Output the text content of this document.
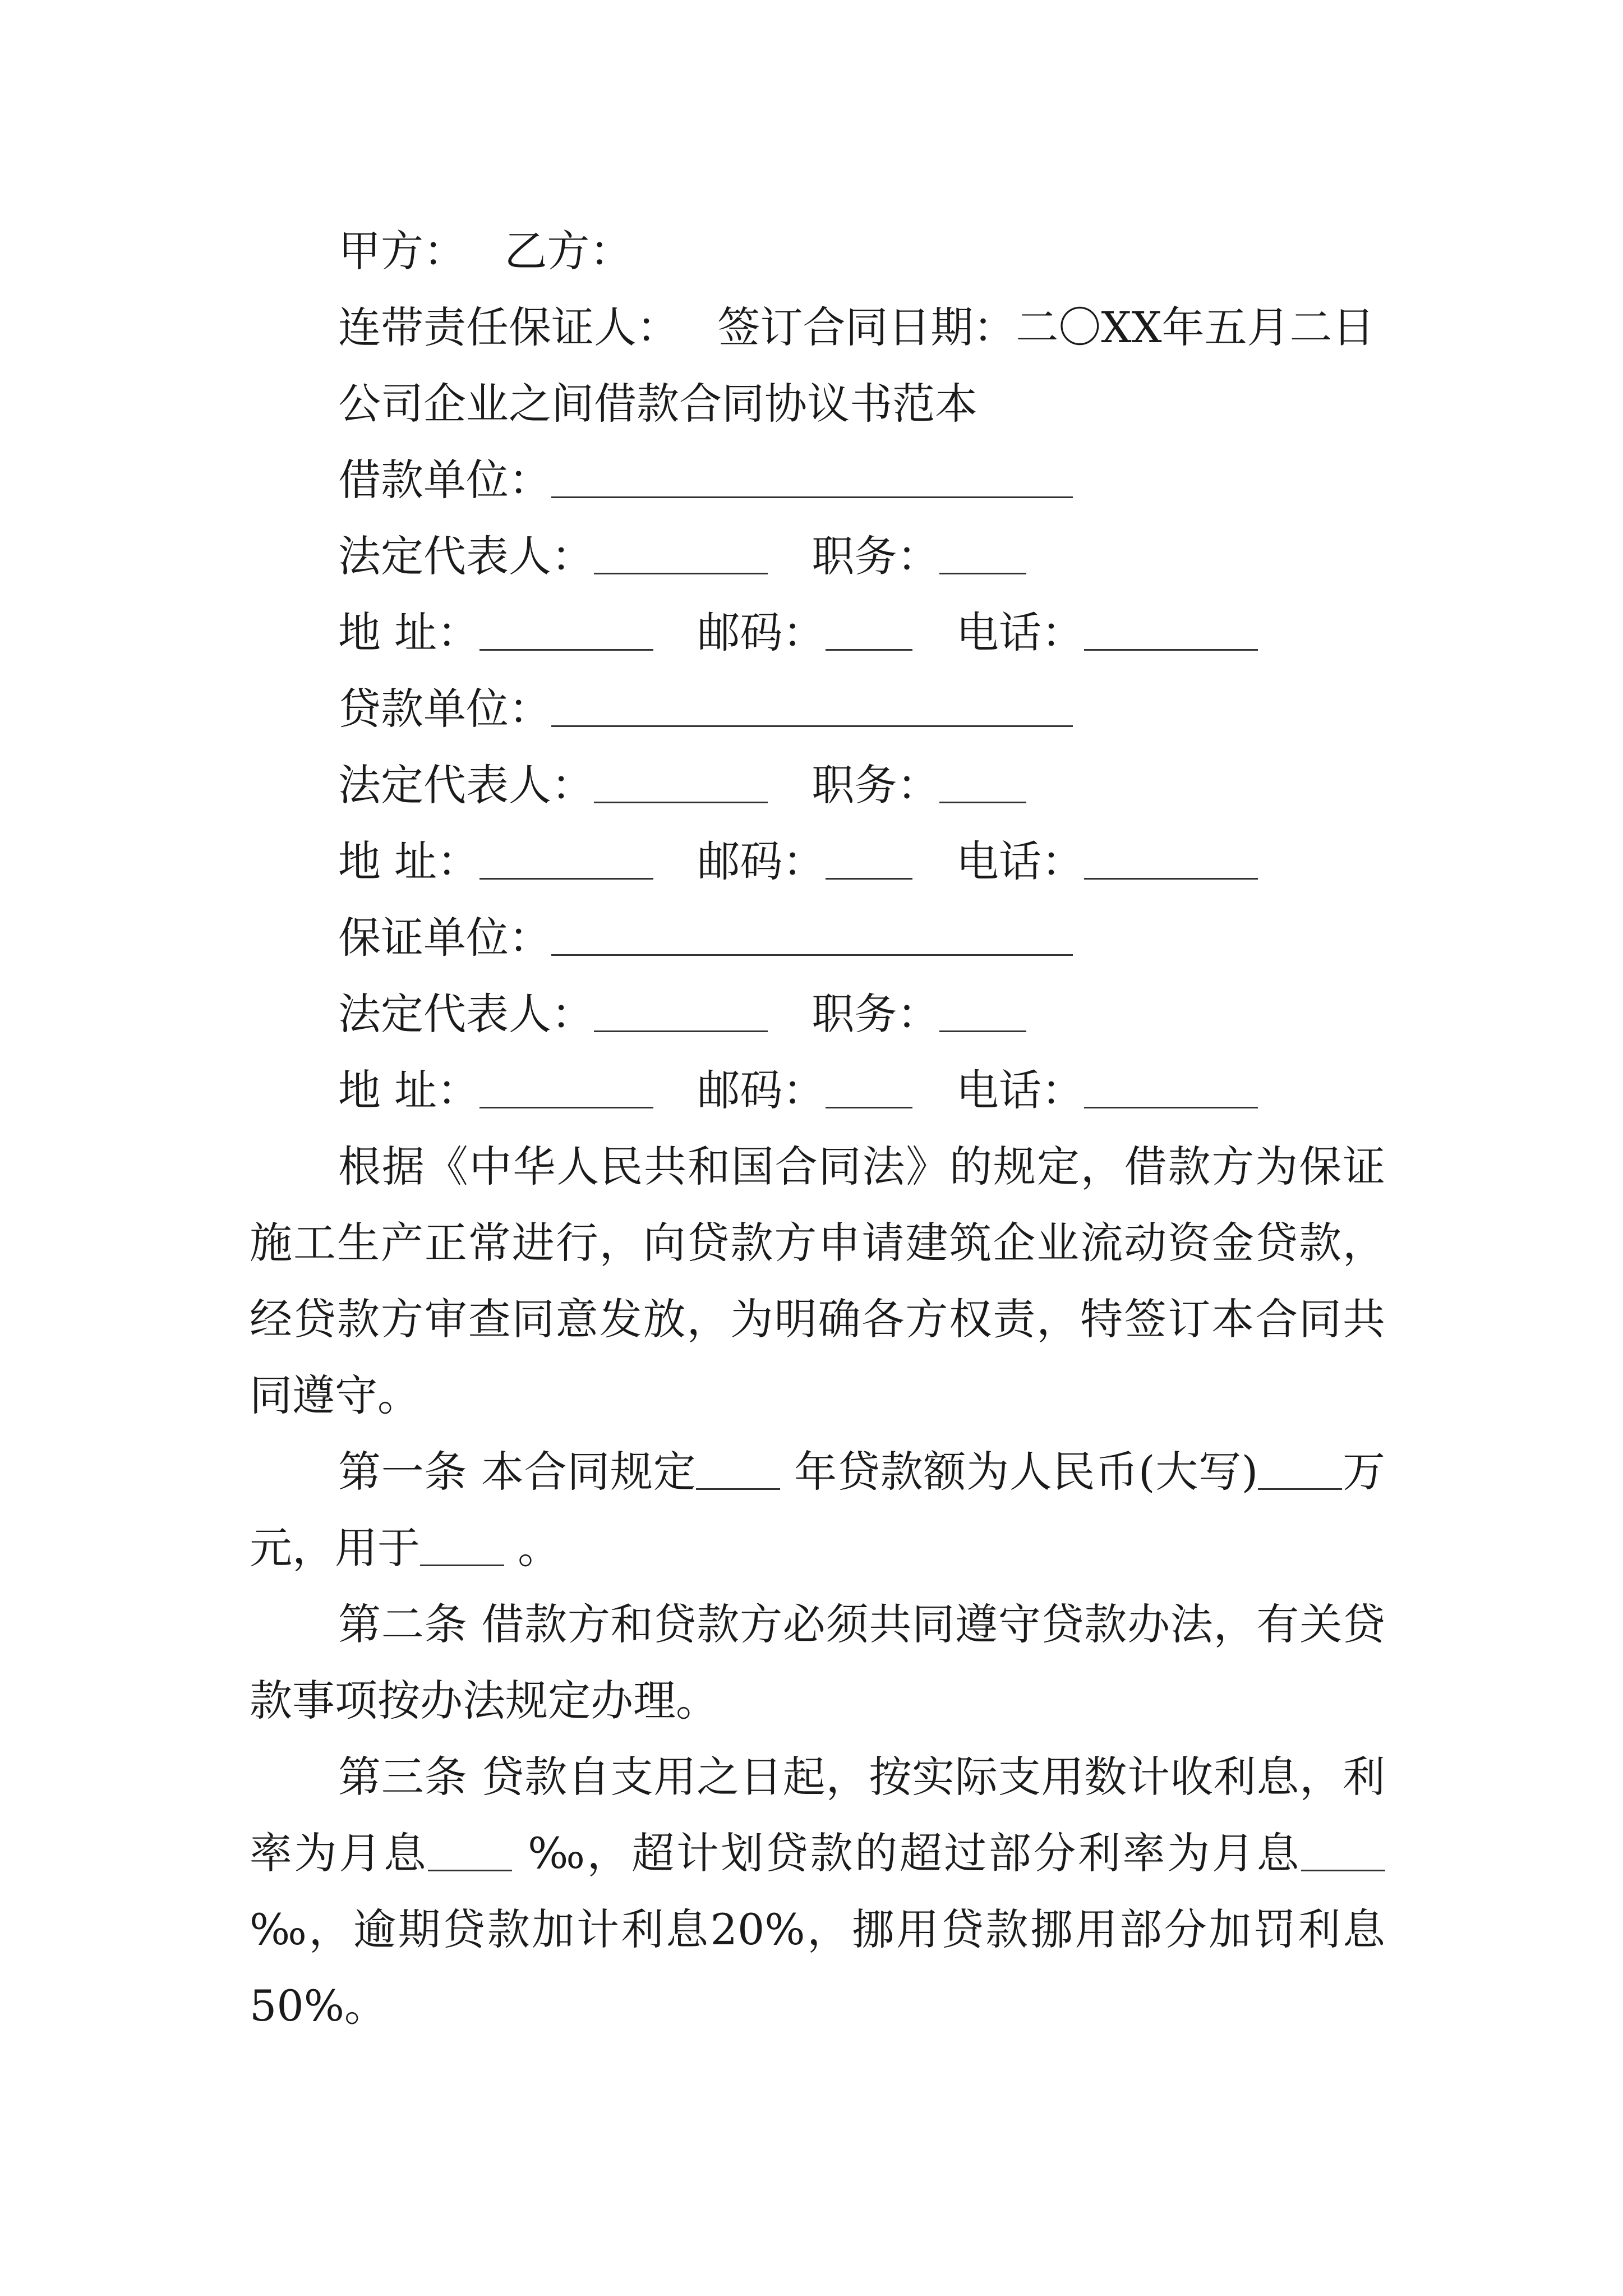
甲方： 乙方：
连带责任保证人： 签订合同日期：二〇XX年五月二日
公司企业之间借款合同协议书范本
借款单位：
法定代表人：	职务：
地 址：	邮码：	电话：
贷款单位：
法定代表人：	职务：
地 址：	邮码：	电话：
保证单位：
法定代表人：	职务：
地 址：	邮码：	电话：

根据《中华人民共和国合同法》的规定，借款方为保证施工生产正常进行，向贷款方申请建筑企业流动资金贷款，经贷款方审查同意发放，为明确各方权责，特签订本合同共同遵守。

第一条 本合同规定 年贷款额为人民币(大写) 万元，用于 。

第二条 借款方和贷款方必须共同遵守贷款办法，有关贷款事项按办法规定办理。

第三条 贷款自支用之日起，按实际支用数计收利息，利率为月息 ‰，超计划贷款的超过部分利率为月息 ‰，逾期贷款加计利息20%，挪用贷款挪用部分加罚利息50%。
